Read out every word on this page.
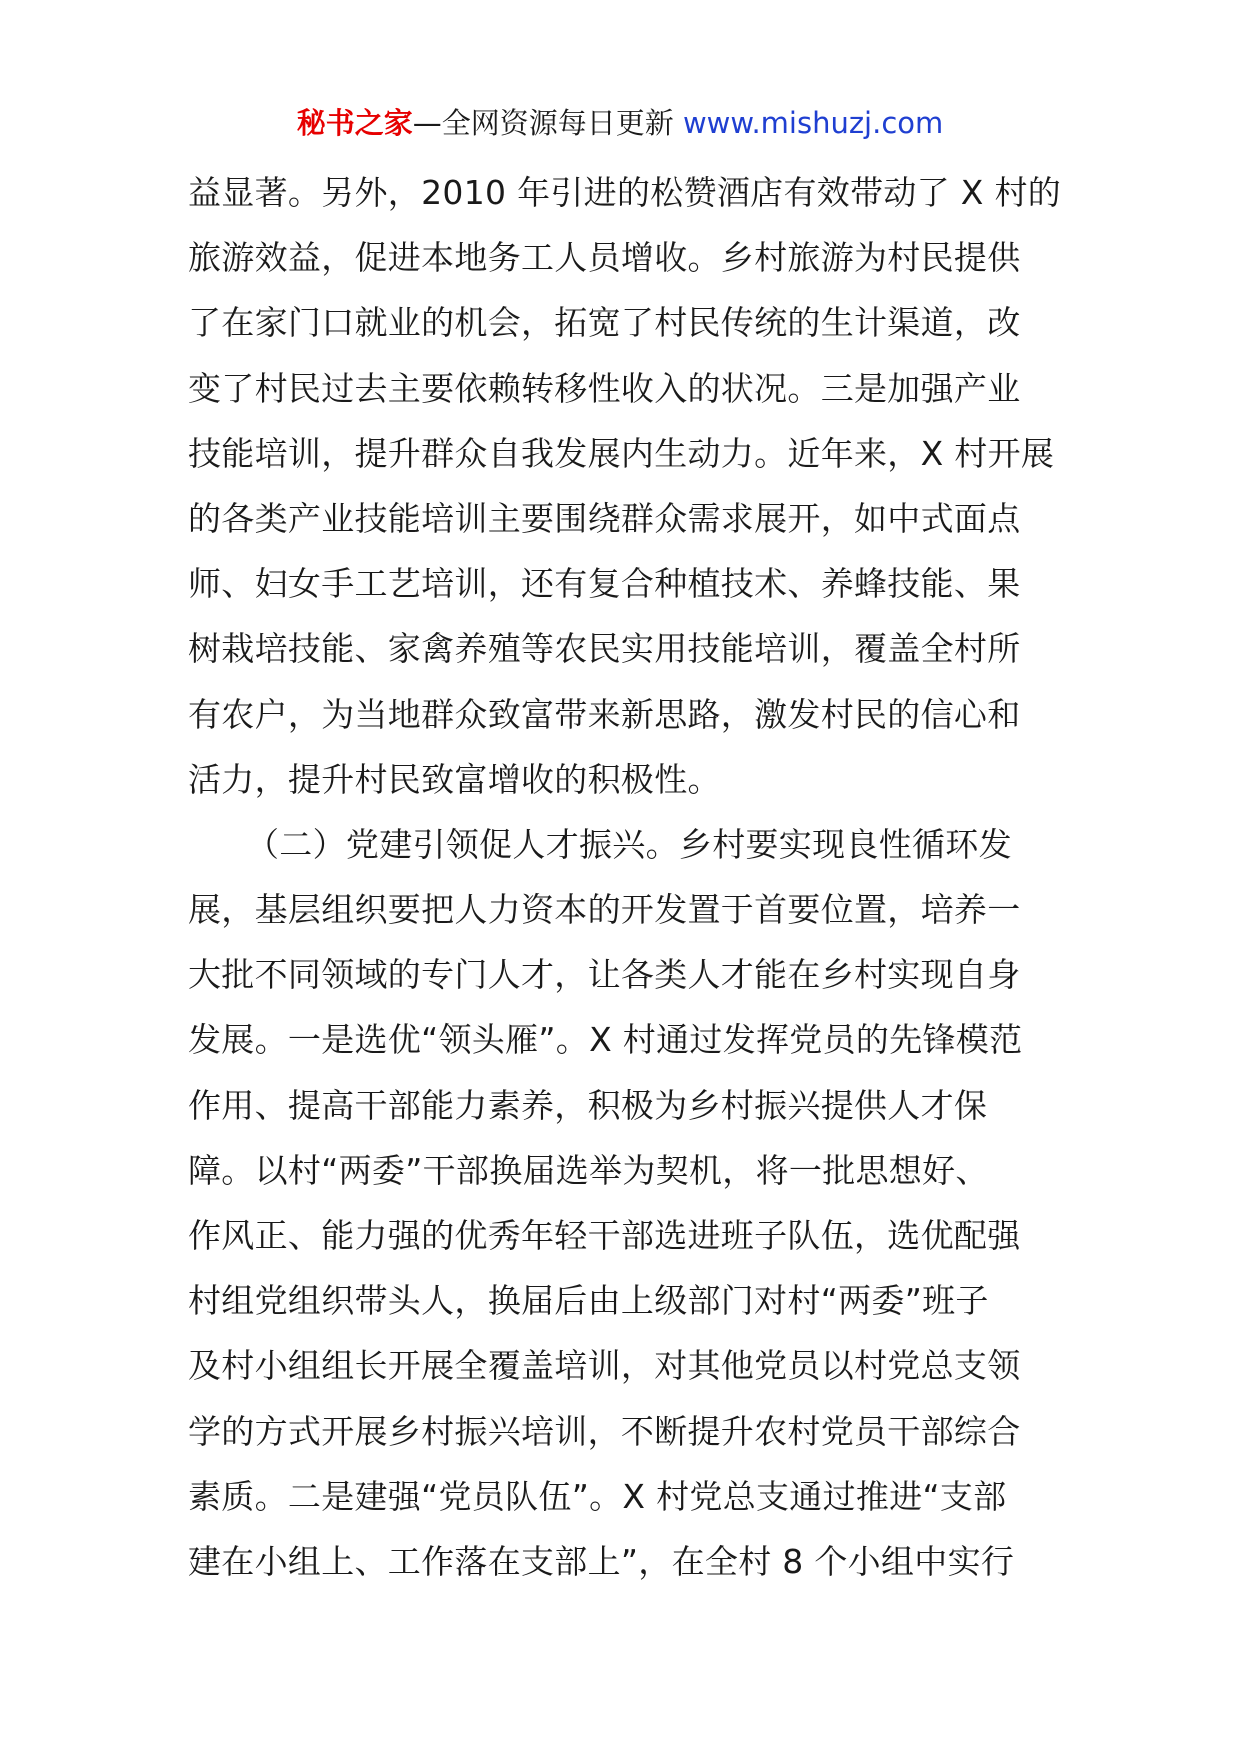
秘书之家—全网资源每日更新 www.mishuzj.com
益显著。另外，2010 年引进的松赞酒店有效带动了 X 村的
旅游效益，促进本地务工人员增收。乡村旅游为村民提供
了在家门口就业的机会，拓宽了村民传统的生计渠道，改
变了村民过去主要依赖转移性收入的状况。三是加强产业
技能培训，提升群众自我发展内生动力。近年来，X 村开展
的各类产业技能培训主要围绕群众需求展开，如中式面点
师、妇女手工艺培训，还有复合种植技术、养蜂技能、果
树栽培技能、家禽养殖等农民实用技能培训，覆盖全村所
有农户，为当地群众致富带来新思路，激发村民的信心和
活力，提升村民致富增收的积极性。
（二）党建引领促人才振兴。乡村要实现良性循环发
展，基层组织要把人力资本的开发置于首要位置，培养一
大批不同领域的专门人才，让各类人才能在乡村实现自身
发展。一是选优“领头雁”。X 村通过发挥党员的先锋模范
作用、提高干部能力素养，积极为乡村振兴提供人才保
障。以村“两委”干部换届选举为契机，将一批思想好、
作风正、能力强的优秀年轻干部选进班子队伍，选优配强
村组党组织带头人，换届后由上级部门对村“两委”班子
及村小组组长开展全覆盖培训，对其他党员以村党总支领
学的方式开展乡村振兴培训，不断提升农村党员干部综合
素质。二是建强“党员队伍”。X 村党总支通过推进“支部
建在小组上、工作落在支部上”，在全村 8 个小组中实行
